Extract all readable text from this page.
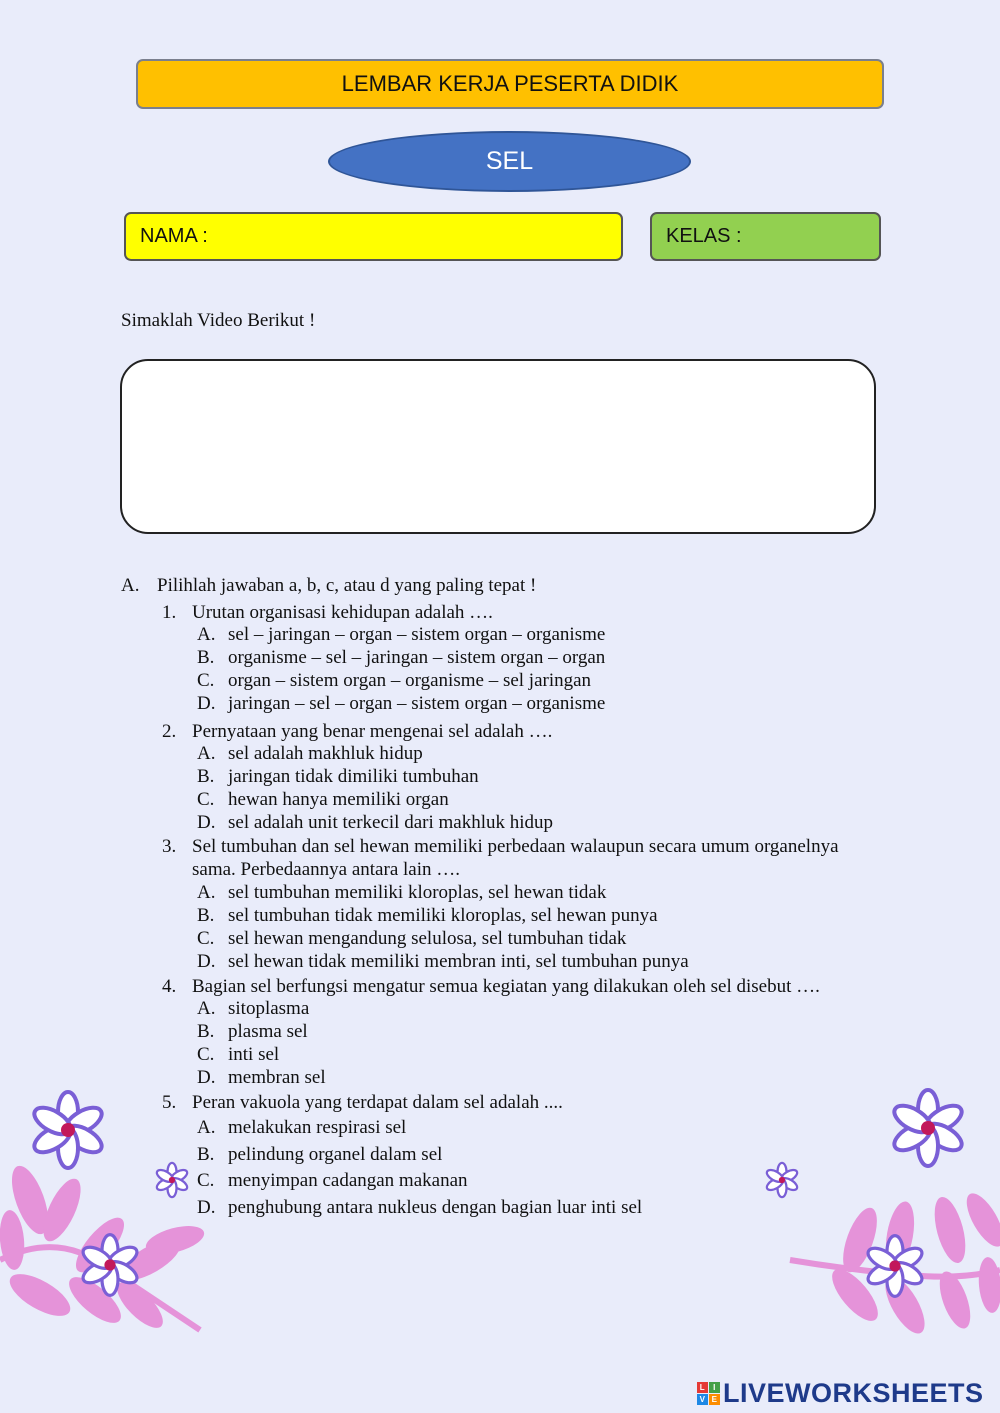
LEMBAR KERJA PESERTA DIDIK
SEL
NAMA :	KELAS :
Simaklah Video Berikut !
A. Pilihlah jawaban a, b, c, atau d yang paling tepat !
1. Urutan organisasi kehidupan adalah ….
A. sel – jaringan – organ – sistem organ – organisme
B. organisme – sel – jaringan – sistem organ – organ
C. organ – sistem organ – organisme – sel jaringan
D. jaringan – sel – organ – sistem organ – organisme
2. Pernyataan yang benar mengenai sel adalah ….
A. sel adalah makhluk hidup
B. jaringan tidak dimiliki tumbuhan
C. hewan hanya memiliki organ
D. sel adalah unit terkecil dari makhluk hidup
3. Sel tumbuhan dan sel hewan memiliki perbedaan walaupun secara umum organelnya sama. Perbedaannya antara lain ….
A. sel tumbuhan memiliki kloroplas, sel hewan tidak
B. sel tumbuhan tidak memiliki kloroplas, sel hewan punya
C. sel hewan mengandung selulosa, sel tumbuhan tidak
D. sel hewan tidak memiliki membran inti, sel tumbuhan punya
4. Bagian sel berfungsi mengatur semua kegiatan yang dilakukan oleh sel disebut ….
A. sitoplasma
B. plasma sel
C. inti sel
D. membran sel
5. Peran vakuola yang terdapat dalam sel adalah ....
A. melakukan respirasi sel
B. pelindung organel dalam sel
C. menyimpan cadangan makanan
D. penghubung antara nukleus dengan bagian luar inti sel
L I
V E LIVEWORKSHEETS
